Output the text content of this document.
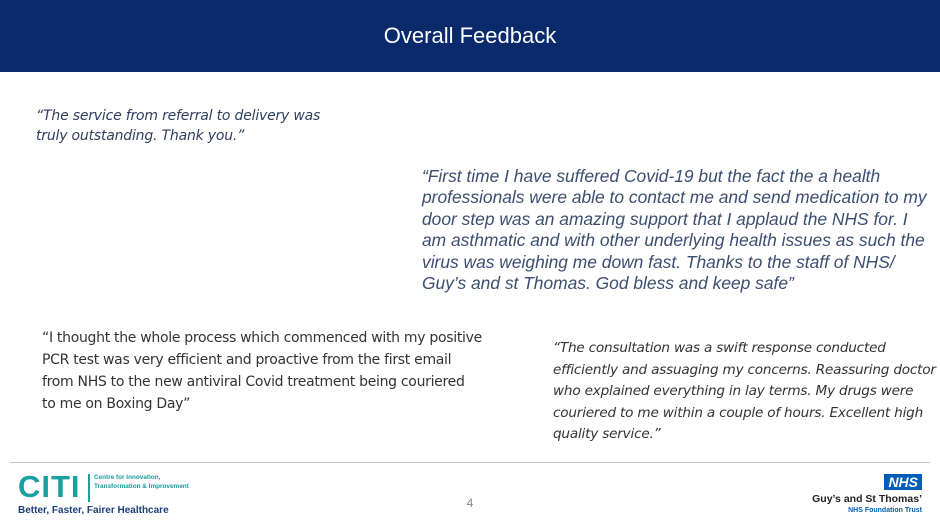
Overall Feedback

“The service from referral to delivery was truly outstanding. Thank you.”

“First time I have suffered Covid-19 but the fact the a health professionals were able to contact me and send medication to my door step was an amazing support that I applaud the NHS for. I am asthmatic and with other underlying health issues as such the virus was weighing me down fast. Thanks to the staff of NHS/ Guy’s and st Thomas. God bless and keep safe”

“I thought the whole process which commenced with my positive PCR test was very efficient and proactive from the first email from NHS to the new antiviral Covid treatment being couriered to me on Boxing Day”

“The consultation was a swift response conducted efficiently and assuaging my concerns. Reassuring doctor who explained everything in lay terms. My drugs were couriered to me within a couple of hours. Excellent high quality service.”

CITI Centre for Innovation, Transformation & Improvement
Better, Faster, Fairer Healthcare
4
NHS
Guy’s and St Thomas’
NHS Foundation Trust
